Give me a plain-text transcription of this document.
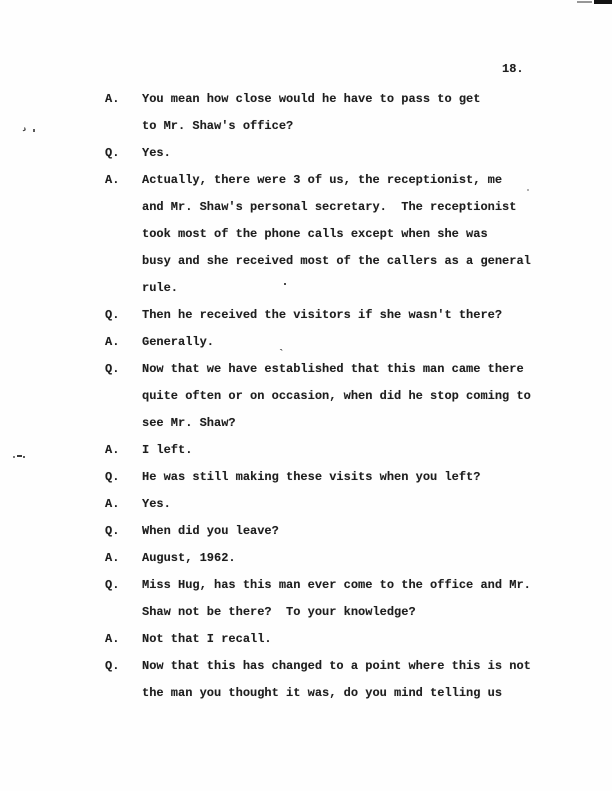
18.
A.	You mean how close would he have to pass to get
to Mr. Shaw's office?
Q.	Yes.
A.	Actually, there were 3 of us, the receptionist, me
and Mr. Shaw's personal secretary.  The receptionist
took most of the phone calls except when she was
busy and she received most of the callers as a general
rule.
Q.	Then he received the visitors if she wasn't there?
A.	Generally.
Q.	Now that we have established that this man came there
quite often or on occasion, when did he stop coming to
see Mr. Shaw?
A.	I left.
Q.	He was still making these visits when you left?
A.	Yes.
Q.	When did you leave?
A.	August, 1962.
Q.	Miss Hug, has this man ever come to the office and Mr.
Shaw not be there?  To your knowledge?
A.	Not that I recall.
Q.	Now that this has changed to a point where this is not
the man you thought it was, do you mind telling us
›
`
